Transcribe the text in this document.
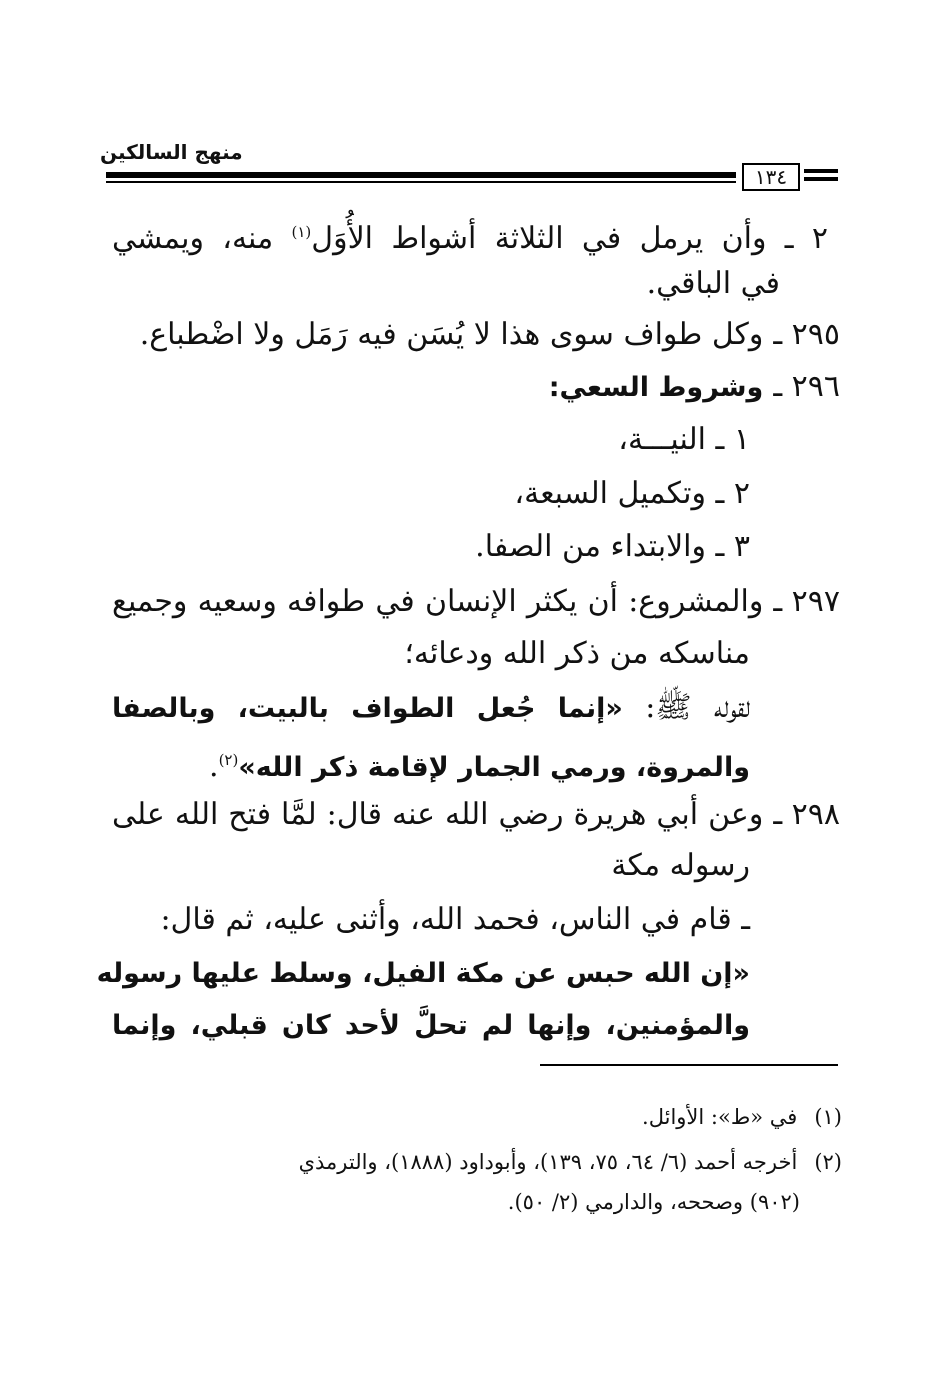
منهج السالكين
١٣٤
٢ ـ وأن يرمل في الثلاثة أشواط الأُوَل$^{(١)}$ منه، ويمشي
في الباقي.
٢٩٥ ـوكل طواف سوى هذا لا يُسَن فيه رَمَل ولا اضْطباع.
٢٩٦ ـوشروط السعي:
١ ـ النيـــة،
٢ ـ وتكميل السبعة،
٣ ـ والابتداء من الصفا.
٢٩٧ ـوالمشروع: أن يكثر الإنسان في طوافه وسعيه وجميع
مناسكه من ذكر الله ودعائه؛
لقوله ﷺ: «إنما جُعل الطواف بالبيت، وبالصفا
والمروة، ورمي الجمار لإقامة ذكر الله»$^{(٢)}$.
٢٩٨ ـوعن أبي هريرة رضي الله عنه قال: لمَّا فتح الله على
رسوله مكة
ـ قام في الناس، فحمد الله، وأثنى عليه، ثم قال:
«إن الله حبس عن مكة الفيل، وسلط عليها رسوله
والمؤمنين، وإنها لم تحلَّ لأحد كان قبلي، وإنما
(١) في «ط»: الأوائل.
(٢) أخرجه أحمد (٦/ ٦٤، ٧٥، ١٣٩)، وأبوداود (١٨٨٨)، والترمذي
(٩٠٢) وصححه، والدارمي (٢/ ٥٠).
